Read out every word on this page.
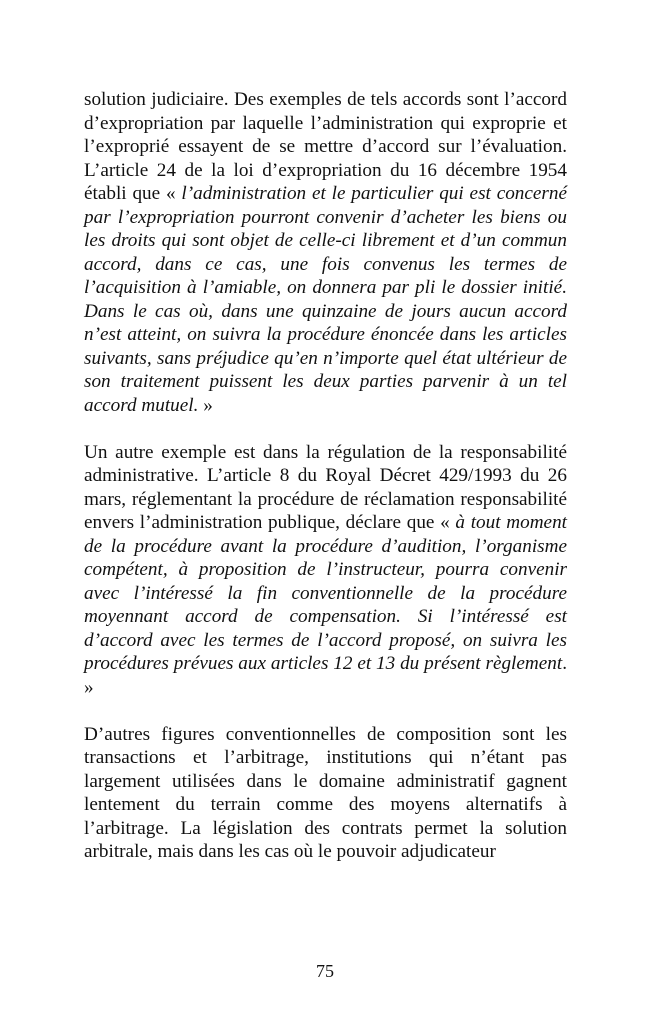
solution judiciaire. Des exemples de tels accords sont l’accord d’expropriation par laquelle l’administration qui exproprie et l’exproprié essayent de se mettre d’accord sur l’évaluation. L’article 24 de la loi d’expropriation du 16 décembre 1954 établi que « l’administration et le particulier qui est concerné par l’expropriation pourront convenir d’acheter les biens ou les droits qui sont objet de celle-ci librement et d’un commun accord, dans ce cas, une fois convenus les termes de l’acquisition à l’amiable, on donnera par pli le dossier initié. Dans le cas où, dans une quinzaine de jours aucun accord n’est atteint, on suivra la procédure énoncée dans les articles suivants, sans préjudice qu’en n’importe quel état ultérieur de son traitement puissent les deux parties parvenir à un tel accord mutuel. »

Un autre exemple est dans la régulation de la responsabilité administrative. L’article 8 du Royal Décret 429/1993 du 26 mars, réglementant la procédure de réclamation responsabilité envers l’administration publique, déclare que « à tout moment de la procédure avant la procédure d’audition, l’organisme compétent, à proposition de l’instructeur, pourra convenir avec l’intéressé la fin conventionnelle de la procédure moyennant accord de compensation. Si l’intéressé est d’accord avec les termes de l’accord proposé, on suivra les procédures prévues aux articles 12 et 13 du présent règlement. »

D’autres figures conventionnelles de composition sont les transactions et l’arbitrage, institutions qui n’étant pas largement utilisées dans le domaine administratif gagnent lentement du terrain comme des moyens alternatifs à l’arbitrage. La législation des contrats permet la solution arbitrale, mais dans les cas où le pouvoir adjudicateur

75
